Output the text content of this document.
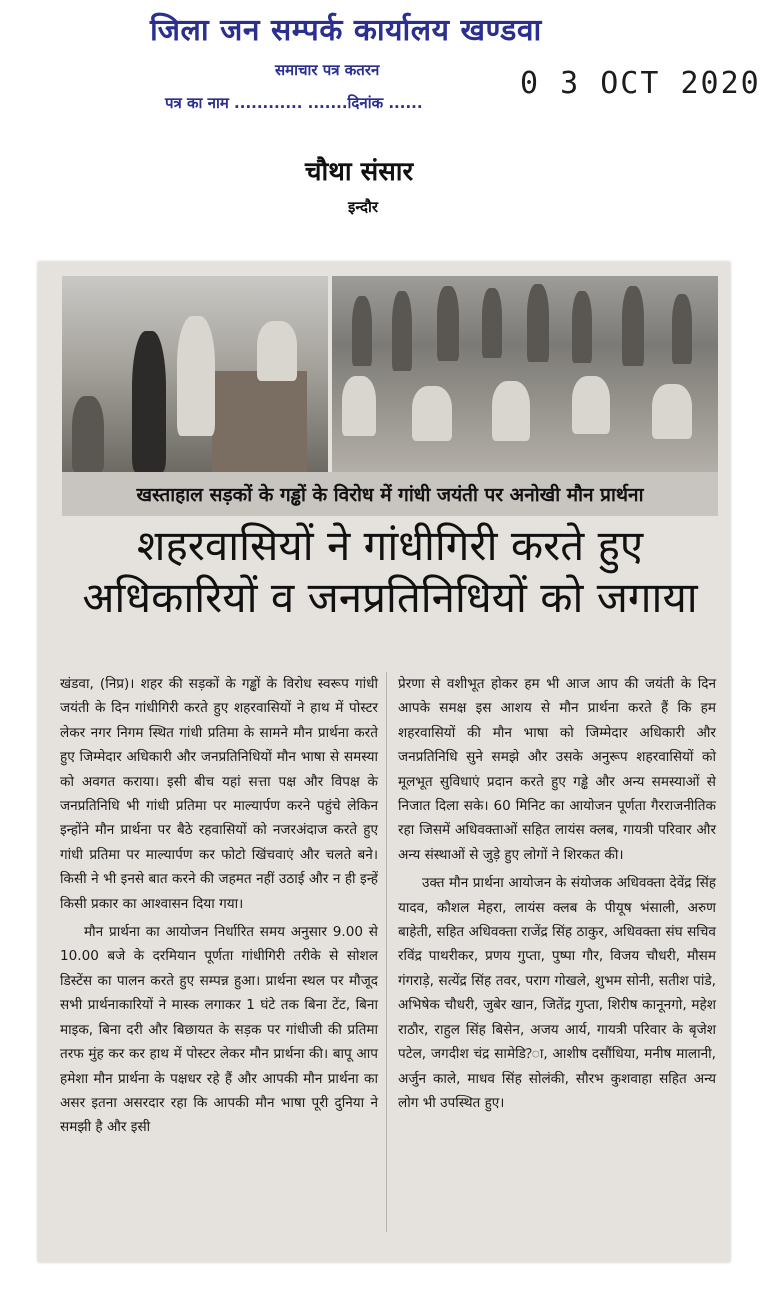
जिला जन सम्पर्क कार्यालय खण्डवा
समाचार पत्र कतरन
पत्र का नाम ............ .......दिनांक ......
0 3 OCT 2020
चौथा संसार
इन्दौर
खस्ताहाल सड़कों के गड्ढों के विरोध में गांधी जयंती पर अनोखी मौन प्रार्थना
शहरवासियों ने गांधीगिरी करते हुए
अधिकारियों व जनप्रतिनिधियों को जगाया

खंडवा, (निप्र)। शहर की सड़कों के गड्ढों के विरोध स्वरूप गांधी जयंती के दिन गांधीगिरी करते हुए शहरवासियों ने हाथ में पोस्टर लेकर नगर निगम स्थित गांधी प्रतिमा के सामने मौन प्रार्थना करते हुए जिम्मेदार अधिकारी और जनप्रतिनिधियों मौन भाषा से समस्या को अवगत कराया। इसी बीच यहां सत्ता पक्ष और विपक्ष के जनप्रतिनिधि भी गांधी प्रतिमा पर माल्यार्पण करने पहुंचे लेकिन इन्होंने मौन प्रार्थना पर बैठे रहवासियों को नजरअंदाज करते हुए गांधी प्रतिमा पर माल्यार्पण कर फोटो खिंचवाएं और चलते बने। किसी ने भी इनसे बात करने की जहमत नहीं उठाई और न ही इन्हें किसी प्रकार का आश्वासन दिया गया।

मौन प्रार्थना का आयोजन निर्धारित समय अनुसार 9.00 से 10.00 बजे के दरमियान पूर्णता गांधीगिरी तरीके से सोशल डिस्टेंस का पालन करते हुए सम्पन्न हुआ। प्रार्थना स्थल पर मौजूद सभी प्रार्थनाकारियों ने मास्क लगाकर 1 घंटे तक बिना टेंट, बिना माइक, बिना दरी और बिछायत के सड़क पर गांधीजी की प्रतिमा तरफ मुंह कर कर हाथ में पोस्टर लेकर मौन प्रार्थना की। बापू आप हमेशा मौन प्रार्थना के पक्षधर रहे हैं और आपकी मौन प्रार्थना का असर इतना असरदार रहा कि आपकी मौन भाषा पूरी दुनिया ने समझी है और इसी

प्रेरणा से वशीभूत होकर हम भी आज आप की जयंती के दिन आपके समक्ष इस आशय से मौन प्रार्थना करते हैं कि हम शहरवासियों की मौन भाषा को जिम्मेदार अधिकारी और जनप्रतिनिधि सुने समझे और उसके अनुरूप शहरवासियों को मूलभूत सुविधाएं प्रदान करते हुए गड्ढे और अन्य समस्याओं से निजात दिला सके। 60 मिनिट का आयोजन पूर्णता गैरराजनीतिक रहा जिसमें अधिवक्ताओं सहित लायंस क्लब, गायत्री परिवार और अन्य संस्थाओं से जुड़े हुए लोगों ने शिरकत की।

उक्त मौन प्रार्थना आयोजन के संयोजक अधिवक्ता देवेंद्र सिंह यादव, कौशल मेहरा, लायंस क्लब के पीयूष भंसाली, अरुण बाहेती, सहित अधिवक्ता राजेंद्र सिंह ठाकुर, अधिवक्ता संघ सचिव रविंद्र पाथरीकर, प्रणय गुप्ता, पुष्पा गौर, विजय चौधरी, मौसम गंगराड़े, सत्येंद्र सिंह तवर, पराग गोखले, शुभम सोनी, सतीश पांडे, अभिषेक चौधरी, जुबेर खान, जितेंद्र गुप्ता, शिरीष कानूनगो, महेश राठौर, राहुल सिंह बिसेन, अजय आर्य, गायत्री परिवार के बृजेश पटेल, जगदीश चंद्र सामेडि?ा, आशीष दसौंधिया, मनीष मालानी, अर्जुन काले, माधव सिंह सोलंकी, सौरभ कुशवाहा सहित अन्य लोग भी उपस्थित हुए।
